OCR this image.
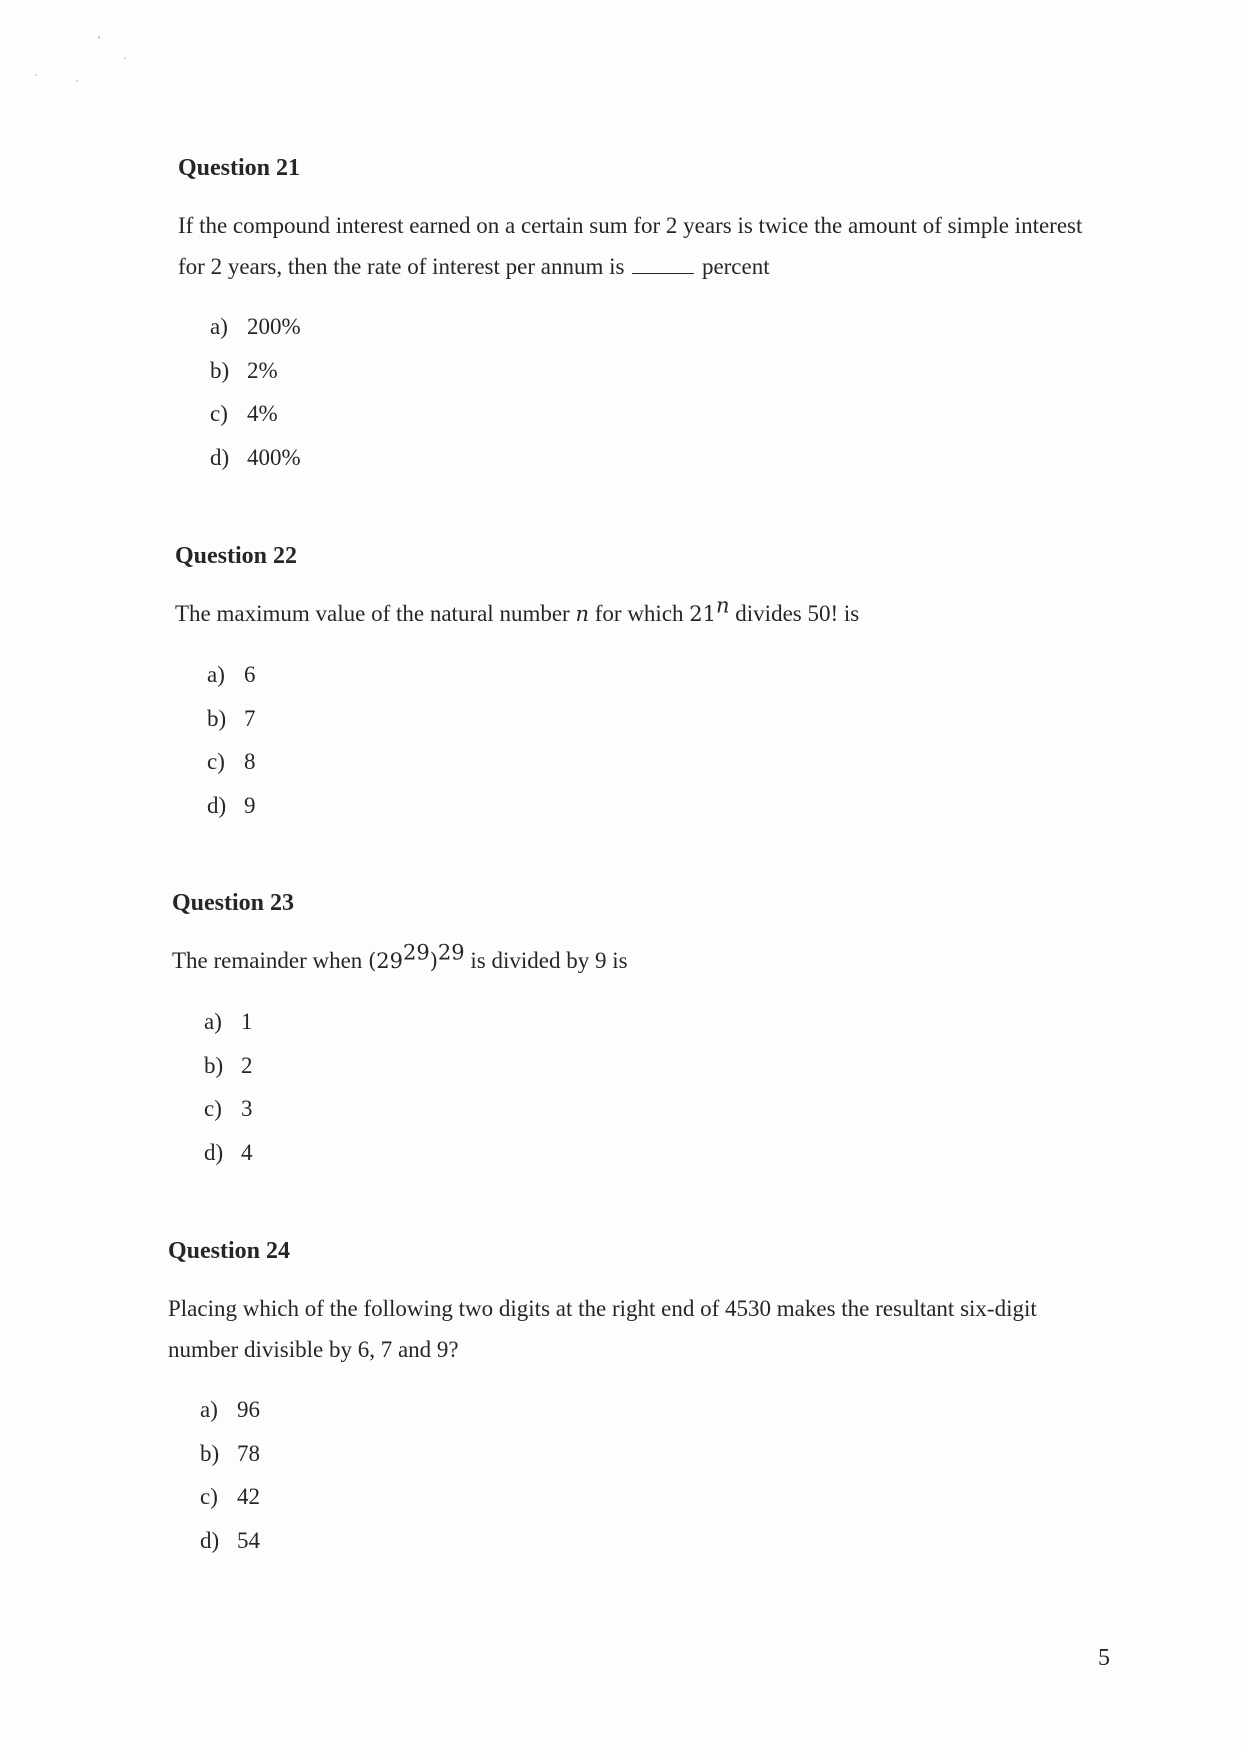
Question 21

If the compound interest earned on a certain sum for 2 years is twice the amount of simple interest for 2 years, then the rate of interest per annum is	percent

a) 200%
b) 2%
c) 4%
d) 400%
Question 22

The maximum value of the natural number n for which 21$^n$ divides 50! is

a) 6
b) 7
c) 8
d) 9
Question 23

The remainder when $(29^{29})^{29}$ is divided by 9 is

a) 1
b) 2
c) 3
d) 4
Question 24

Placing which of the following two digits at the right end of 4530 makes the resultant six-digit number divisible by 6, 7 and 9?

a) 96
b) 78
c) 42
d) 54
5
